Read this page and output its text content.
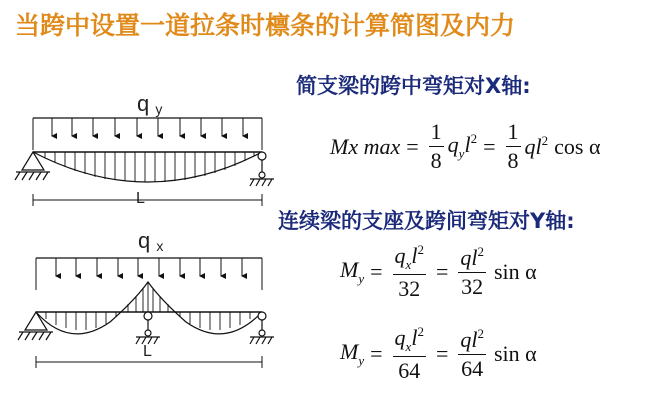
当跨中设置一道拉条时檩条的计算简图及内力
简支梁的跨中弯矩对X轴:
连续梁的支座及跨间弯矩对Y轴:
q $_y$
q $_x$
L
L
Mx $\max = \frac{1}{8} q_yl^2 = \frac{1}{8} ql^2$ cos α
$M_y = \frac{q_xl^2}{32} = \frac{ql^2}{32}$ sin α
$M_y = \frac{q_xl^2}{64} = \frac{ql^2}{64}$ sin α
